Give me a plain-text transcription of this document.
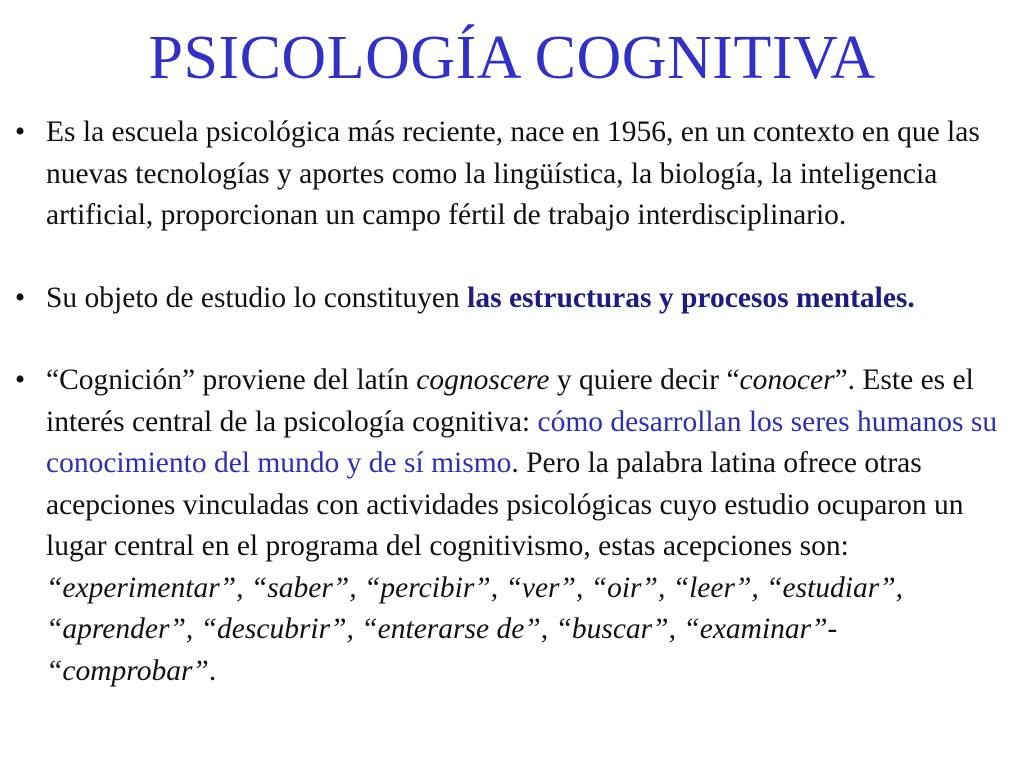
PSICOLOGÍA COGNITIVA
• Es la escuela psicológica más reciente, nace en 1956, en un contexto en que las nuevas tecnologías y aportes como la lingüística, la biología, la inteligencia artificial, proporcionan un campo fértil de trabajo interdisciplinario.
• Su objeto de estudio lo constituyen las estructuras y procesos mentales.
• “Cognición” proviene del latín cognoscere y quiere decir “conocer”. Este es el interés central de la psicología cognitiva: cómo desarrollan los seres humanos su conocimiento del mundo y de sí mismo. Pero la palabra latina ofrece otras acepciones vinculadas con actividades psicológicas cuyo estudio ocuparon un lugar central en el programa del cognitivismo, estas acepciones son: “experimentar”, “saber”, “percibir”, “ver”, “oir”, “leer”, “estudiar”, “aprender”, “descubrir”, “enterarse de”, “buscar”, “examinar”- “comprobar”.
